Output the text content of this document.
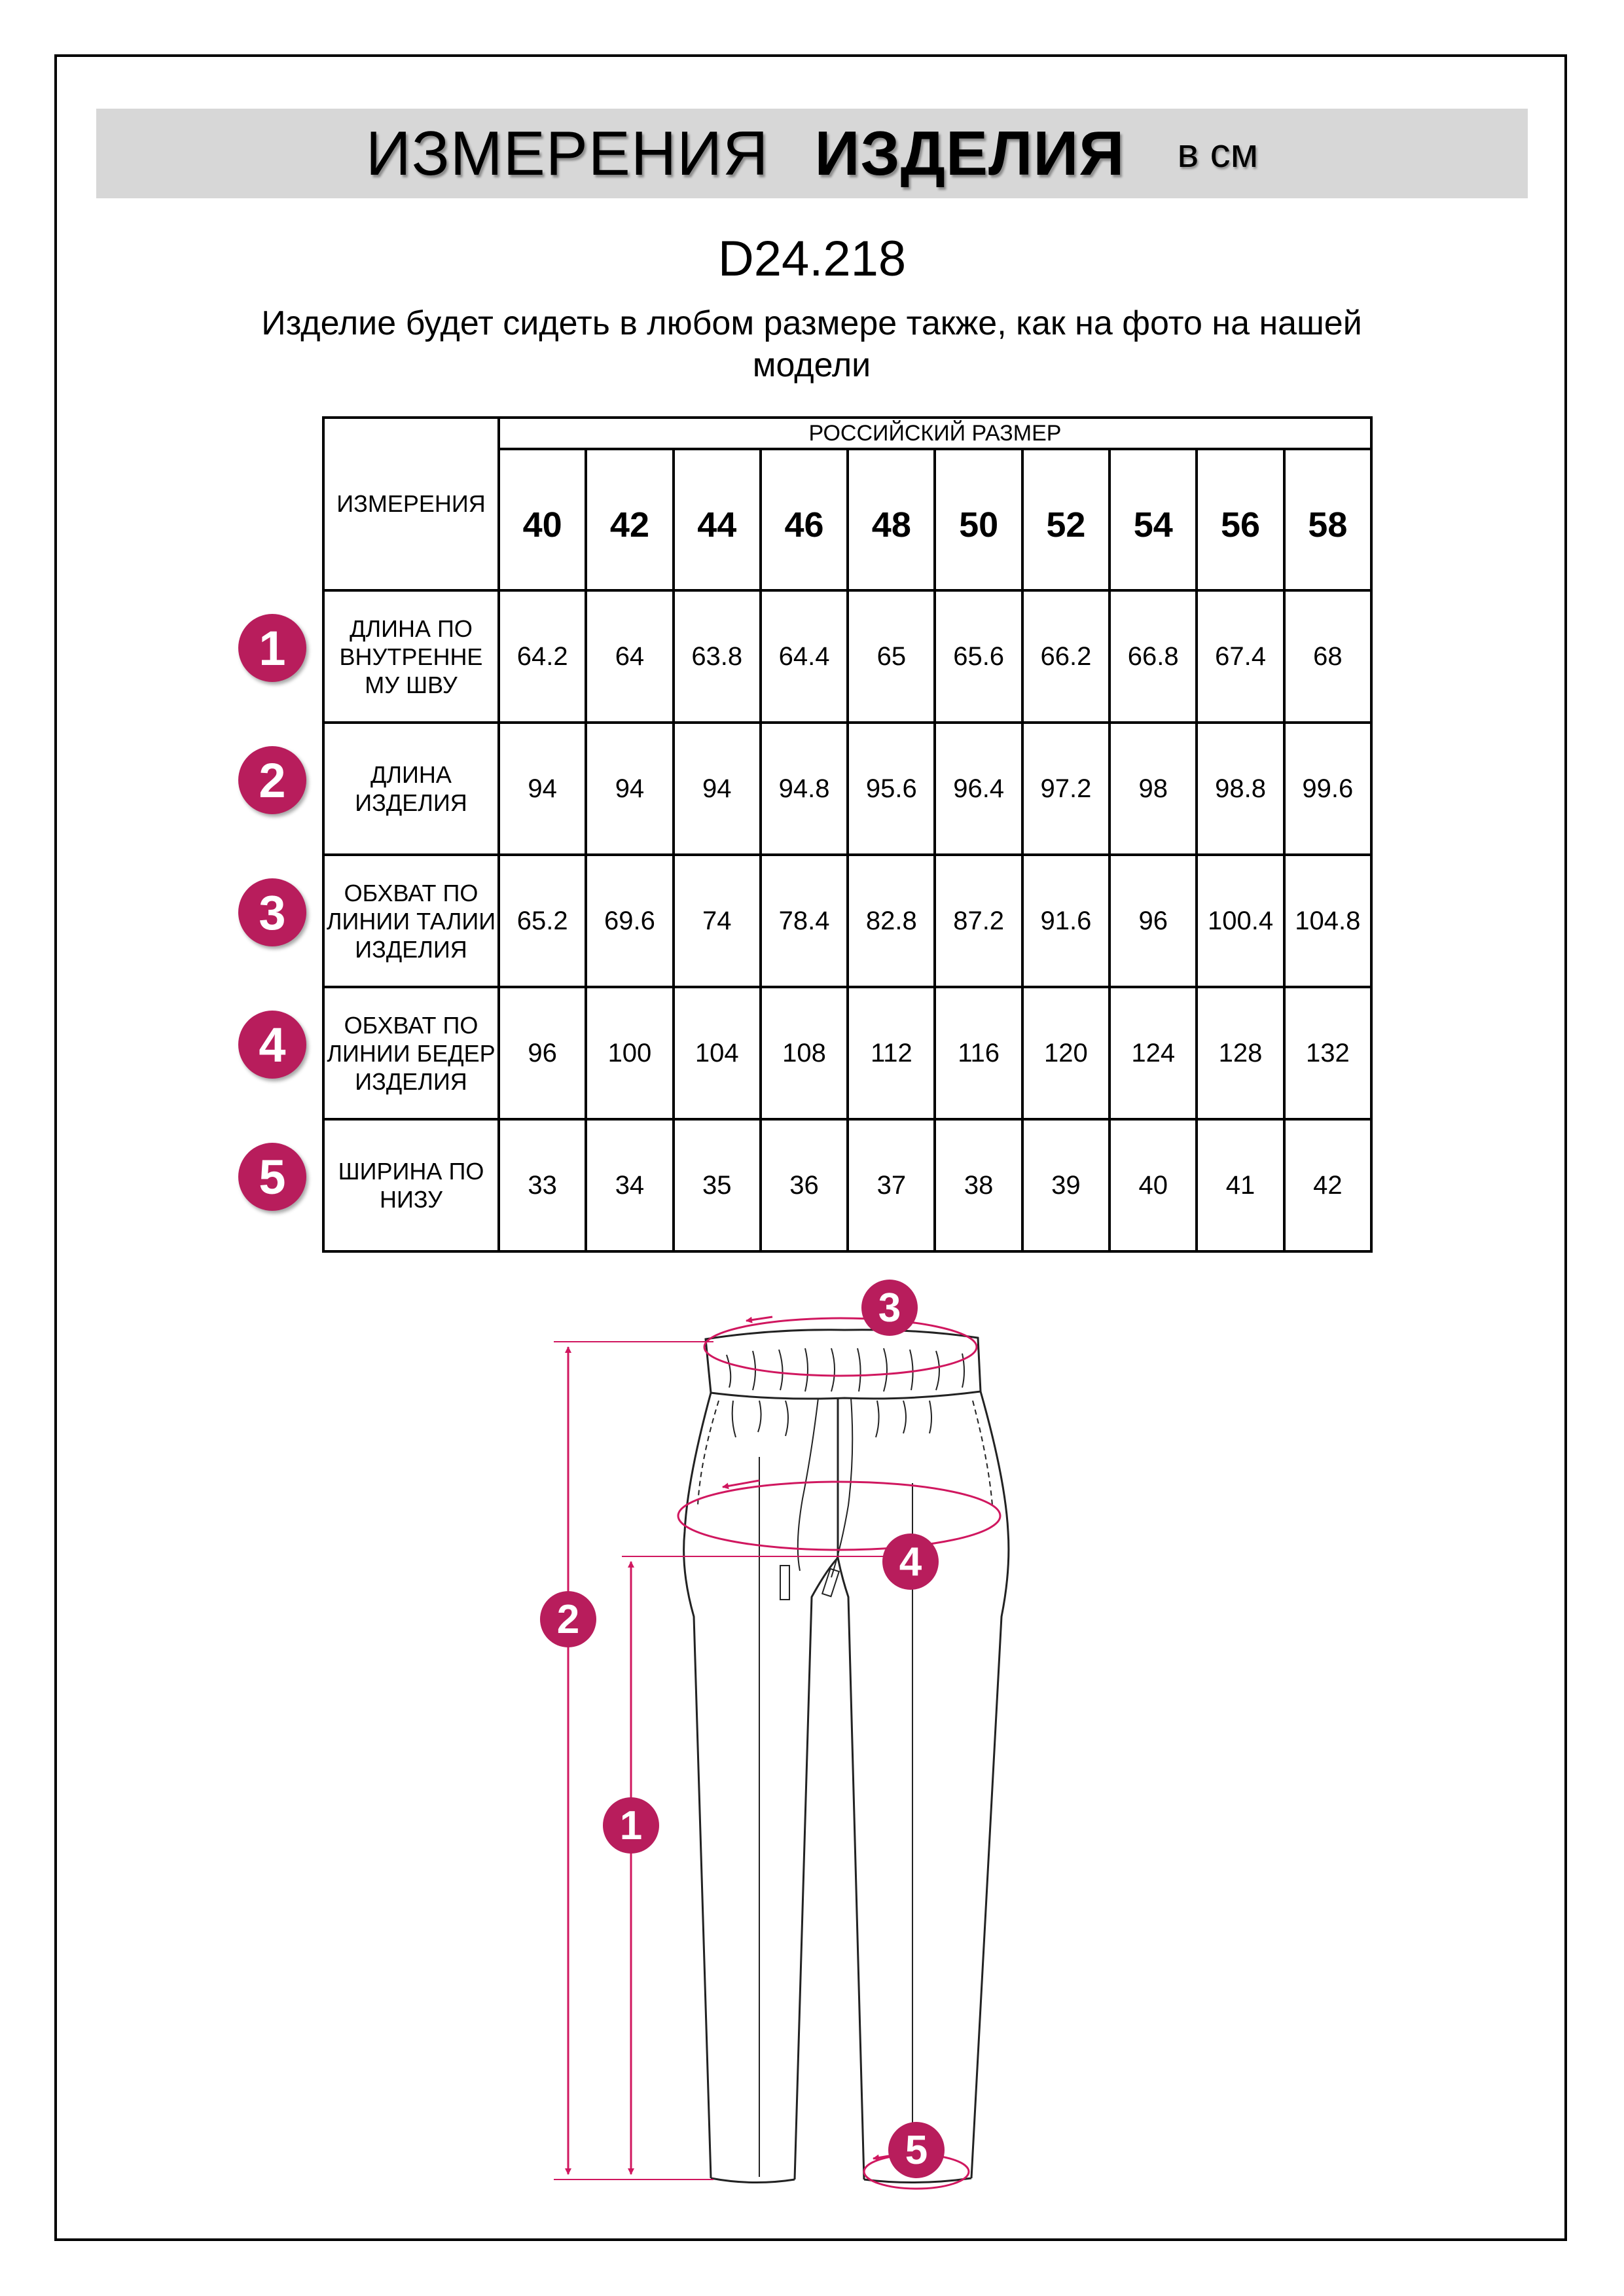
ИЗМЕРЕНИЯ ИЗДЕЛИЯ в см
D24.218
Изделие будет сидеть в любом размере также, как на фото на нашей модели
ИЗМЕРЕНИЯ	РОССИЙСКИЙ РАЗМЕР									
	40	42	44	46	48	50	52	54	56	58
ДЛИНА ПО ВНУТРЕННЕ МУ ШВУ	64.2	64	63.8	64.4	65	65.6	66.2	66.8	67.4	68
ДЛИНА ИЗДЕЛИЯ	94	94	94	94.8	95.6	96.4	97.2	98	98.8	99.6
ОБХВАТ ПО ЛИНИИ ТАЛИИ ИЗДЕЛИЯ	65.2	69.6	74	78.4	82.8	87.2	91.6	96	100.4	104.8
ОБХВАТ ПО ЛИНИИ БЕДЕР ИЗДЕЛИЯ	96	100	104	108	112	116	120	124	128	132
ШИРИНА ПО НИЗУ	33	34	35	36	37	38	39	40	41	42
1
2
3
4
5
3
4
2
1
5
